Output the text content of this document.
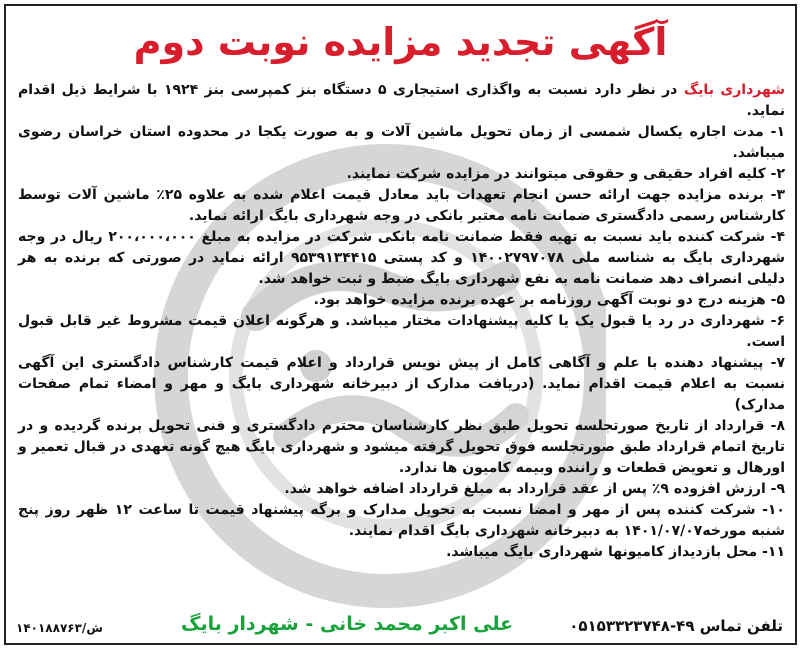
آگهی تجدید مزایده نوبت دوم

شهرداری بایگ در نظر دارد نسبت به واگذاری استیجاری ۵ دستگاه بنز کمپرسی بنز ۱۹۲۴ با شرایط ذیل اقدام نماید.

۱- مدت اجاره یکسال شمسی از زمان تحویل ماشین آلات و به صورت یکجا در محدوده استان خراسان رضوی میباشد.

۲- کلیه افراد حقیقی و حقوقی میتوانند در مزایده شرکت نمایند.

۳- برنده مزایده جهت ارائه حسن انجام تعهدات باید معادل قیمت اعلام شده به علاوه ۲۵٪ ماشین آلات توسط کارشناس رسمی دادگستری ضمانت نامه معتبر بانکی در وجه شهرداری بایگ ارائه نماید.

۴- شرکت کننده باید نسبت به تهیه فقط ضمانت نامه بانکی شرکت در مزایده به مبلغ ۲۰۰،۰۰۰،۰۰۰ ریال در وجه شهرداری بایگ به شناسه ملی ۱۴۰۰۲۷۹۷۰۷۸ و کد پستی ۹۵۳۹۱۳۴۴۱۵ ارائه نماید در صورتی که برنده به هر دلیلی انصراف دهد ضمانت نامه به نفع شهرداری بایگ ضبط و ثبت خواهد شد.

۵- هزینه درج دو نوبت آگهی روزنامه بر عهده برنده مزایده خواهد بود.

۶- شهرداری در رد یا قبول یک یا کلیه پیشنهادات مختار میباشد. و هرگونه اعلان قیمت مشروط غیر قابل قبول است.

۷- پیشنهاد دهنده با علم و آگاهی کامل از پیش نویس قرارداد و اعلام قیمت کارشناس دادگستری این آگهی نسبت به اعلام قیمت اقدام نماید. (دریافت مدارک از دبیرخانه شهرداری بایگ و مهر و امضاء تمام صفحات مدارک)

۸- قرارداد از تاریخ صورتجلسه تحویل طبق نظر کارشناسان محترم دادگستری و فنی تحویل برنده گردیده و در تاریخ اتمام قرارداد طبق صورتجلسه فوق تحویل گرفته میشود و شهرداری بایگ هیچ گونه تعهدی در قبال تعمیر و اورهال و تعویض قطعات و راننده وبیمه کامیون ها ندارد.

۹- ارزش افزوده ۹٪ پس از عقد قرارداد به مبلغ قرارداد اضافه خواهد شد.

۱۰- شرکت کننده پس از مهر و امضا نسبت به تحویل مدارک و برگه پیشنهاد قیمت تا ساعت ۱۲ ظهر روز پنج شنبه مورخه۱۴۰۱/۰۷/۰۷ به دبیرخانه شهرداری بایگ اقدام نمایند.

۱۱- محل بازدیداز کامیونها شهرداری بایگ میباشد.

تلفن تماس ۴۹-۰۵۱۵۳۳۲۳۷۴۸
علی اکبر محمد خانی - شهردار بایگ
۱۴۰۱۸۸۷۶۳/ش
